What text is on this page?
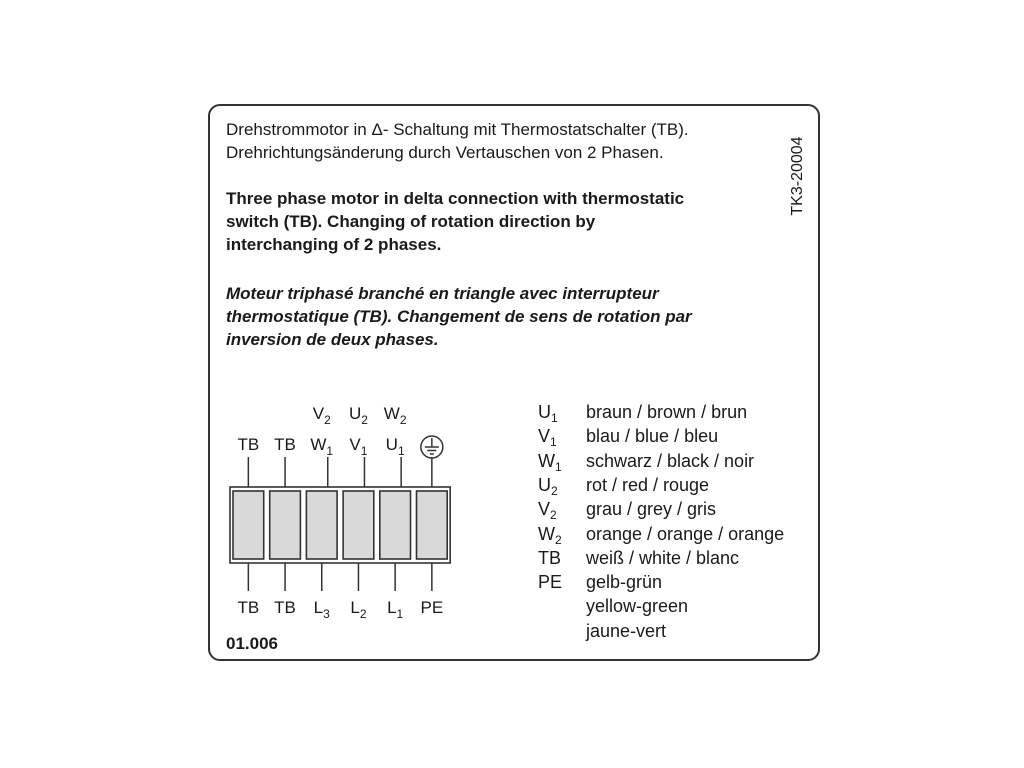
Drehstrommotor in Δ- Schaltung mit Thermostatschalter (TB).
Drehrichtungsänderung durch Vertauschen von 2 Phasen.

Three phase motor in delta connection with thermostatic
switch (TB). Changing of rotation direction by
interchanging of 2 phases.

Moteur triphasé branché en triangle avec interrupteur
thermostatique (TB). Changement de sens de rotation par
inversion de deux phases.

TK3-20004
TB
TB
TB
TB
$W_1$
$V_2$
$L_3$
$V_1$
$U_2$
$L_2$
$U_1$
$W_2$
$L_1$ PE
$U_1$ braun / brown / brun
$V_1$ blau / blue / bleu
$W_1$ schwarz / black / noir
$U_2$ rot / red / rouge
$V_2$ grau / grey / gris
$W_2$ orange / orange / orange
TB weiß / white / blanc
PE gelb-grün
yellow-green
jaune-vert
01.006
